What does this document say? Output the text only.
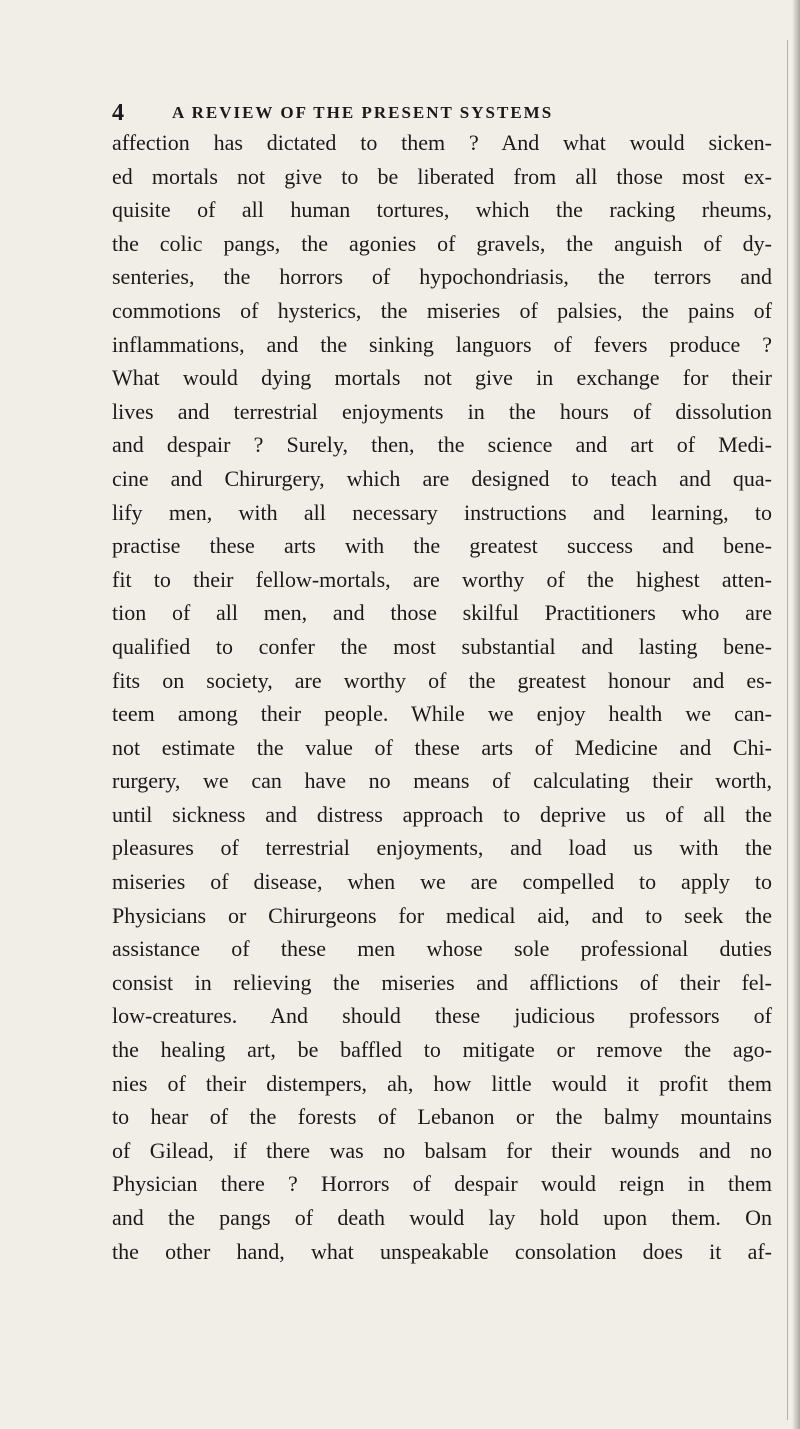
4	A REVIEW OF THE PRESENT SYSTEMS
affection has dictated to them ? And what would sicken-
ed mortals not give to be liberated from all those most ex-
quisite of all human tortures, which the racking rheums,
the colic pangs, the agonies of gravels, the anguish of dy-
senteries, the horrors of hypochondriasis, the terrors and
commotions of hysterics, the miseries of palsies, the pains of
inflammations, and the sinking languors of fevers produce ?
What would dying mortals not give in exchange for their
lives and terrestrial enjoyments in the hours of dissolution
and despair ? Surely, then, the science and art of Medi-
cine and Chirurgery, which are designed to teach and qua-
lify men, with all necessary instructions and learning, to
practise these arts with the greatest success and bene-
fit to their fellow-mortals, are worthy of the highest atten-
tion of all men, and those skilful Practitioners who are
qualified to confer the most substantial and lasting bene-
fits on society, are worthy of the greatest honour and es-
teem among their people. While we enjoy health we can-
not estimate the value of these arts of Medicine and Chi-
rurgery, we can have no means of calculating their worth,
until sickness and distress approach to deprive us of all the
pleasures of terrestrial enjoyments, and load us with the
miseries of disease, when we are compelled to apply to
Physicians or Chirurgeons for medical aid, and to seek the
assistance of these men whose sole professional duties
consist in relieving the miseries and afflictions of their fel-
low-creatures. And should these judicious professors of
the healing art, be baffled to mitigate or remove the ago-
nies of their distempers, ah, how little would it profit them
to hear of the forests of Lebanon or the balmy mountains
of Gilead, if there was no balsam for their wounds and no
Physician there ? Horrors of despair would reign in them
and the pangs of death would lay hold upon them. On
the other hand, what unspeakable consolation does it af-
